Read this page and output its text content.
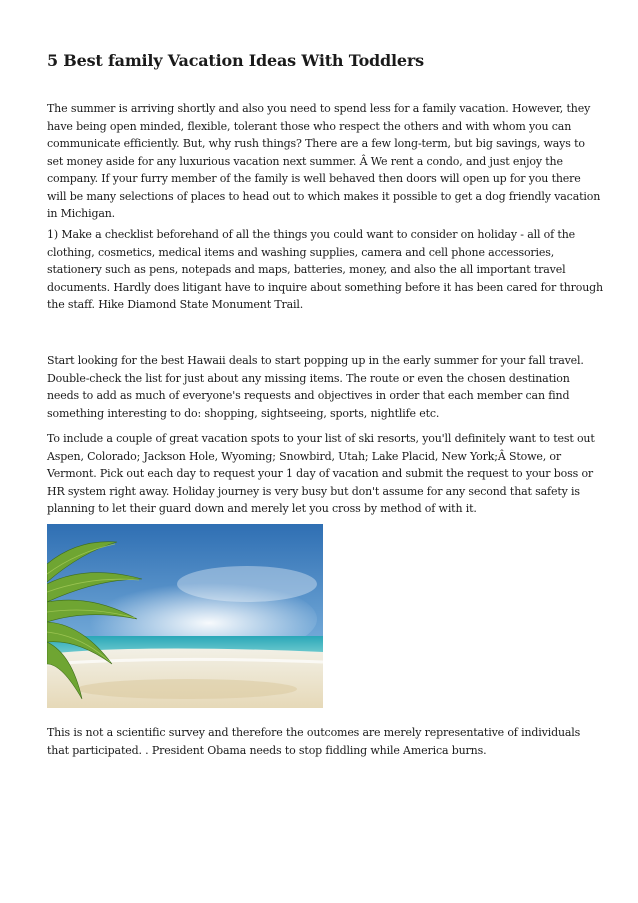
5 Best family Vacation Ideas With Toddlers

The summer is arriving shortly and also you need to spend less for a family vacation. However, they have being open minded, flexible, tolerant those who respect the others and with whom you can communicate efficiently. But, why rush things? There are a few long-term, but big savings, ways to set money aside for any luxurious vacation next summer. Â We rent a condo, and just enjoy the company. If your furry member of the family is well behaved then doors will open up for you there will be many selections of places to head out to which makes it possible to get a dog friendly vacation in Michigan.

1) Make a checklist beforehand of all the things you could want to consider on holiday - all of the clothing, cosmetics, medical items and washing supplies, camera and cell phone accessories, stationery such as pens, notepads and maps, batteries, money, and also the all important travel documents. Hardly does litigant have to inquire about something before it has been cared for through the staff. Hike Diamond State Monument Trail.

Start looking for the best Hawaii deals to start popping up in the early summer for your fall travel. Double-check the list for just about any missing items. The route or even the chosen destination needs to add as much of everyone's requests and objectives in order that each member can find something interesting to do: shopping, sightseeing, sports, nightlife etc.

To include a couple of great vacation spots to your list of ski resorts, you'll definitely want to test out Aspen, Colorado; Jackson Hole, Wyoming; Snowbird, Utah; Lake Placid, New York;Â Stowe, or Vermont. Pick out each day to request your 1 day of vacation and submit the request to your boss or HR system right away. Holiday journey is very busy but don't assume for any second that safety is planning to let their guard down and merely let you cross by method of with it.

This is not a scientific survey and therefore the outcomes are merely representative of individuals that participated. . President Obama needs to stop fiddling while America burns.
